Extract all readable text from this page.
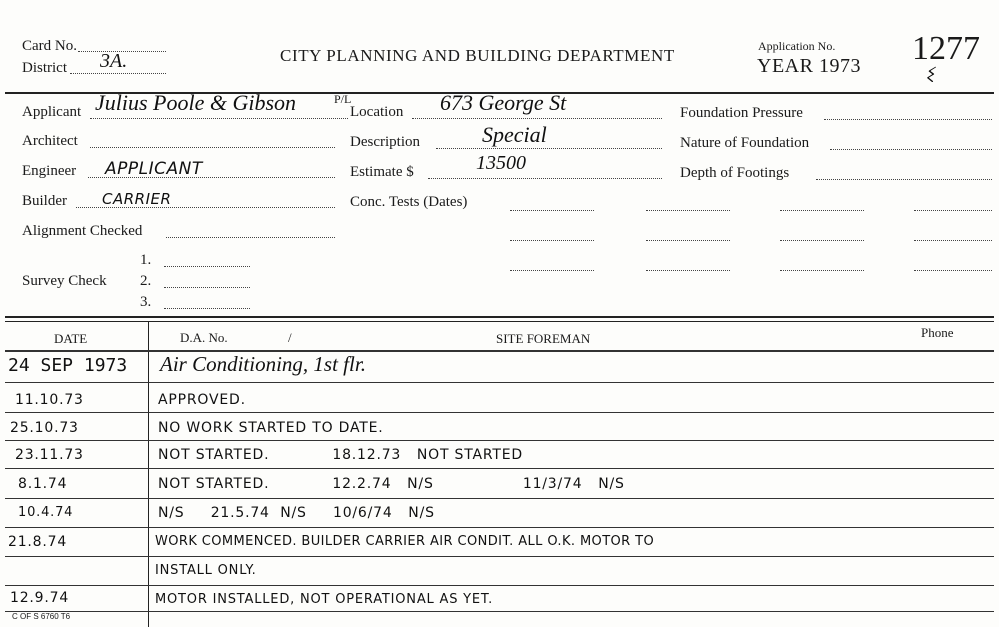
Card No.
District 3A.	CITY PLANNING AND BUILDING DEPARTMENT	Application No.
YEAR 1973 1277
ଽ
Applicant Julius Poole & Gibson	P/L
Architect
Engineer APPLICANT
Builder CARRIER
Alignment Checked
Survey Check
1.
2.
3.
Location 673 George St
Description	Special
Estimate $	13500
Conc. Tests (Dates)
Foundation Pressure
Nature of Foundation
Depth of Footings
DATE	D.A. No.	/	SITE FOREMAN	Phone
24 SEP 1973 Air Conditioning, 1st flr.
11.10.73	APPROVED.
25.10.73	NO WORK STARTED TO DATE.
23.11.73	NOT STARTED.            18.12.73   NOT STARTED
8.1.74	NOT STARTED.            12.2.74   N/S                 11/3/74   N/S
10.4.74	N/S     21.5.74  N/S     10/6/74   N/S
21.8.74	WORK COMMENCED. BUILDER CARRIER AIR CONDIT. ALL O.K. MOTOR TO
INSTALL ONLY.
12.9.74	MOTOR INSTALLED, NOT OPERATIONAL AS YET.
C OF S 6760 T6
